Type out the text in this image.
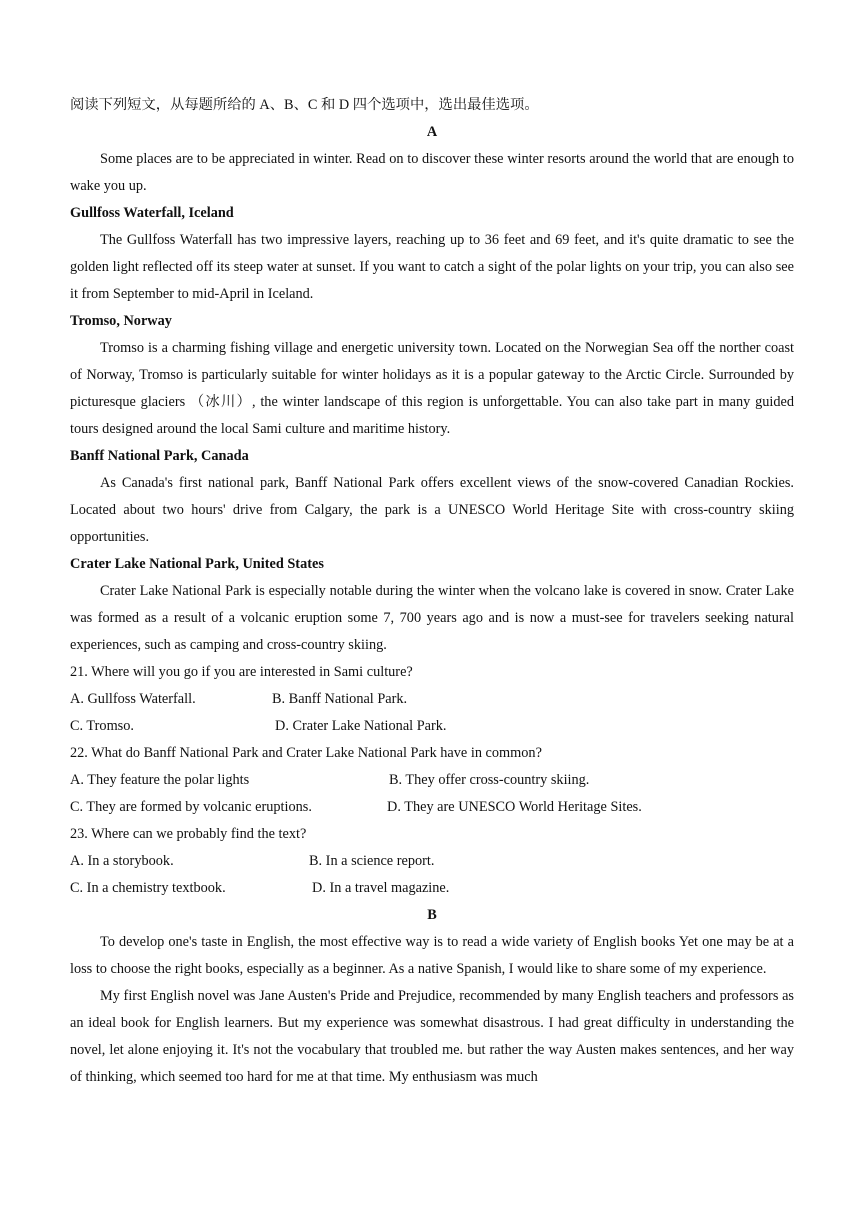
阅读下列短文，从每题所给的 A、B、C 和 D 四个选项中，选出最佳选项。

A

Some places are to be appreciated in winter. Read on to discover these winter resorts around the world that are enough to wake you up.

Gullfoss Waterfall, Iceland

The Gullfoss Waterfall has two impressive layers, reaching up to 36 feet and 69 feet, and it's quite dramatic to see the golden light reflected off its steep water at sunset. If you want to catch a sight of the polar lights on your trip, you can also see it from September to mid-April in Iceland.

Tromso, Norway

Tromso is a charming fishing village and energetic university town. Located on the Norwegian Sea off the norther coast of Norway, Tromso is particularly suitable for winter holidays as it is a popular gateway to the Arctic Circle. Surrounded by picturesque glaciers （冰川）, the winter landscape of this region is unforgettable. You can also take part in many guided tours designed around the local Sami culture and maritime history.

Banff National Park, Canada

As Canada's first national park, Banff National Park offers excellent views of the snow-covered Canadian Rockies. Located about two hours' drive from Calgary, the park is a UNESCO World Heritage Site with cross-country skiing opportunities.

Crater Lake National Park, United States

Crater Lake National Park is especially notable during the winter when the volcano lake is covered in snow. Crater Lake was formed as a result of a volcanic eruption some 7, 700 years ago and is now a must-see for travelers seeking natural experiences, such as camping and cross-country skiing.

21. Where will you go if you are interested in Sami culture?

A. Gullfoss Waterfall.	B. Banff National Park.
C. Tromso.	D. Crater Lake National Park.

22. What do Banff National Park and Crater Lake National Park have in common?

A. They feature the polar lights	B. They offer cross-country skiing.
C. They are formed by volcanic eruptions.	D. They are UNESCO World Heritage Sites.

23. Where can we probably find the text?

A. In a storybook.	B. In a science report.
C. In a chemistry textbook.	D. In a travel magazine.

B

To develop one's taste in English, the most effective way is to read a wide variety of English books Yet one may be at a loss to choose the right books, especially as a beginner. As a native Spanish, I would like to share some of my experience.

My first English novel was Jane Austen's Pride and Prejudice, recommended by many English teachers and professors as an ideal book for English learners. But my experience was somewhat disastrous. I had great difficulty in understanding the novel, let alone enjoying it. It's not the vocabulary that troubled me. but rather the way Austen makes sentences, and her way of thinking, which seemed too hard for me at that time. My enthusiasm was much
